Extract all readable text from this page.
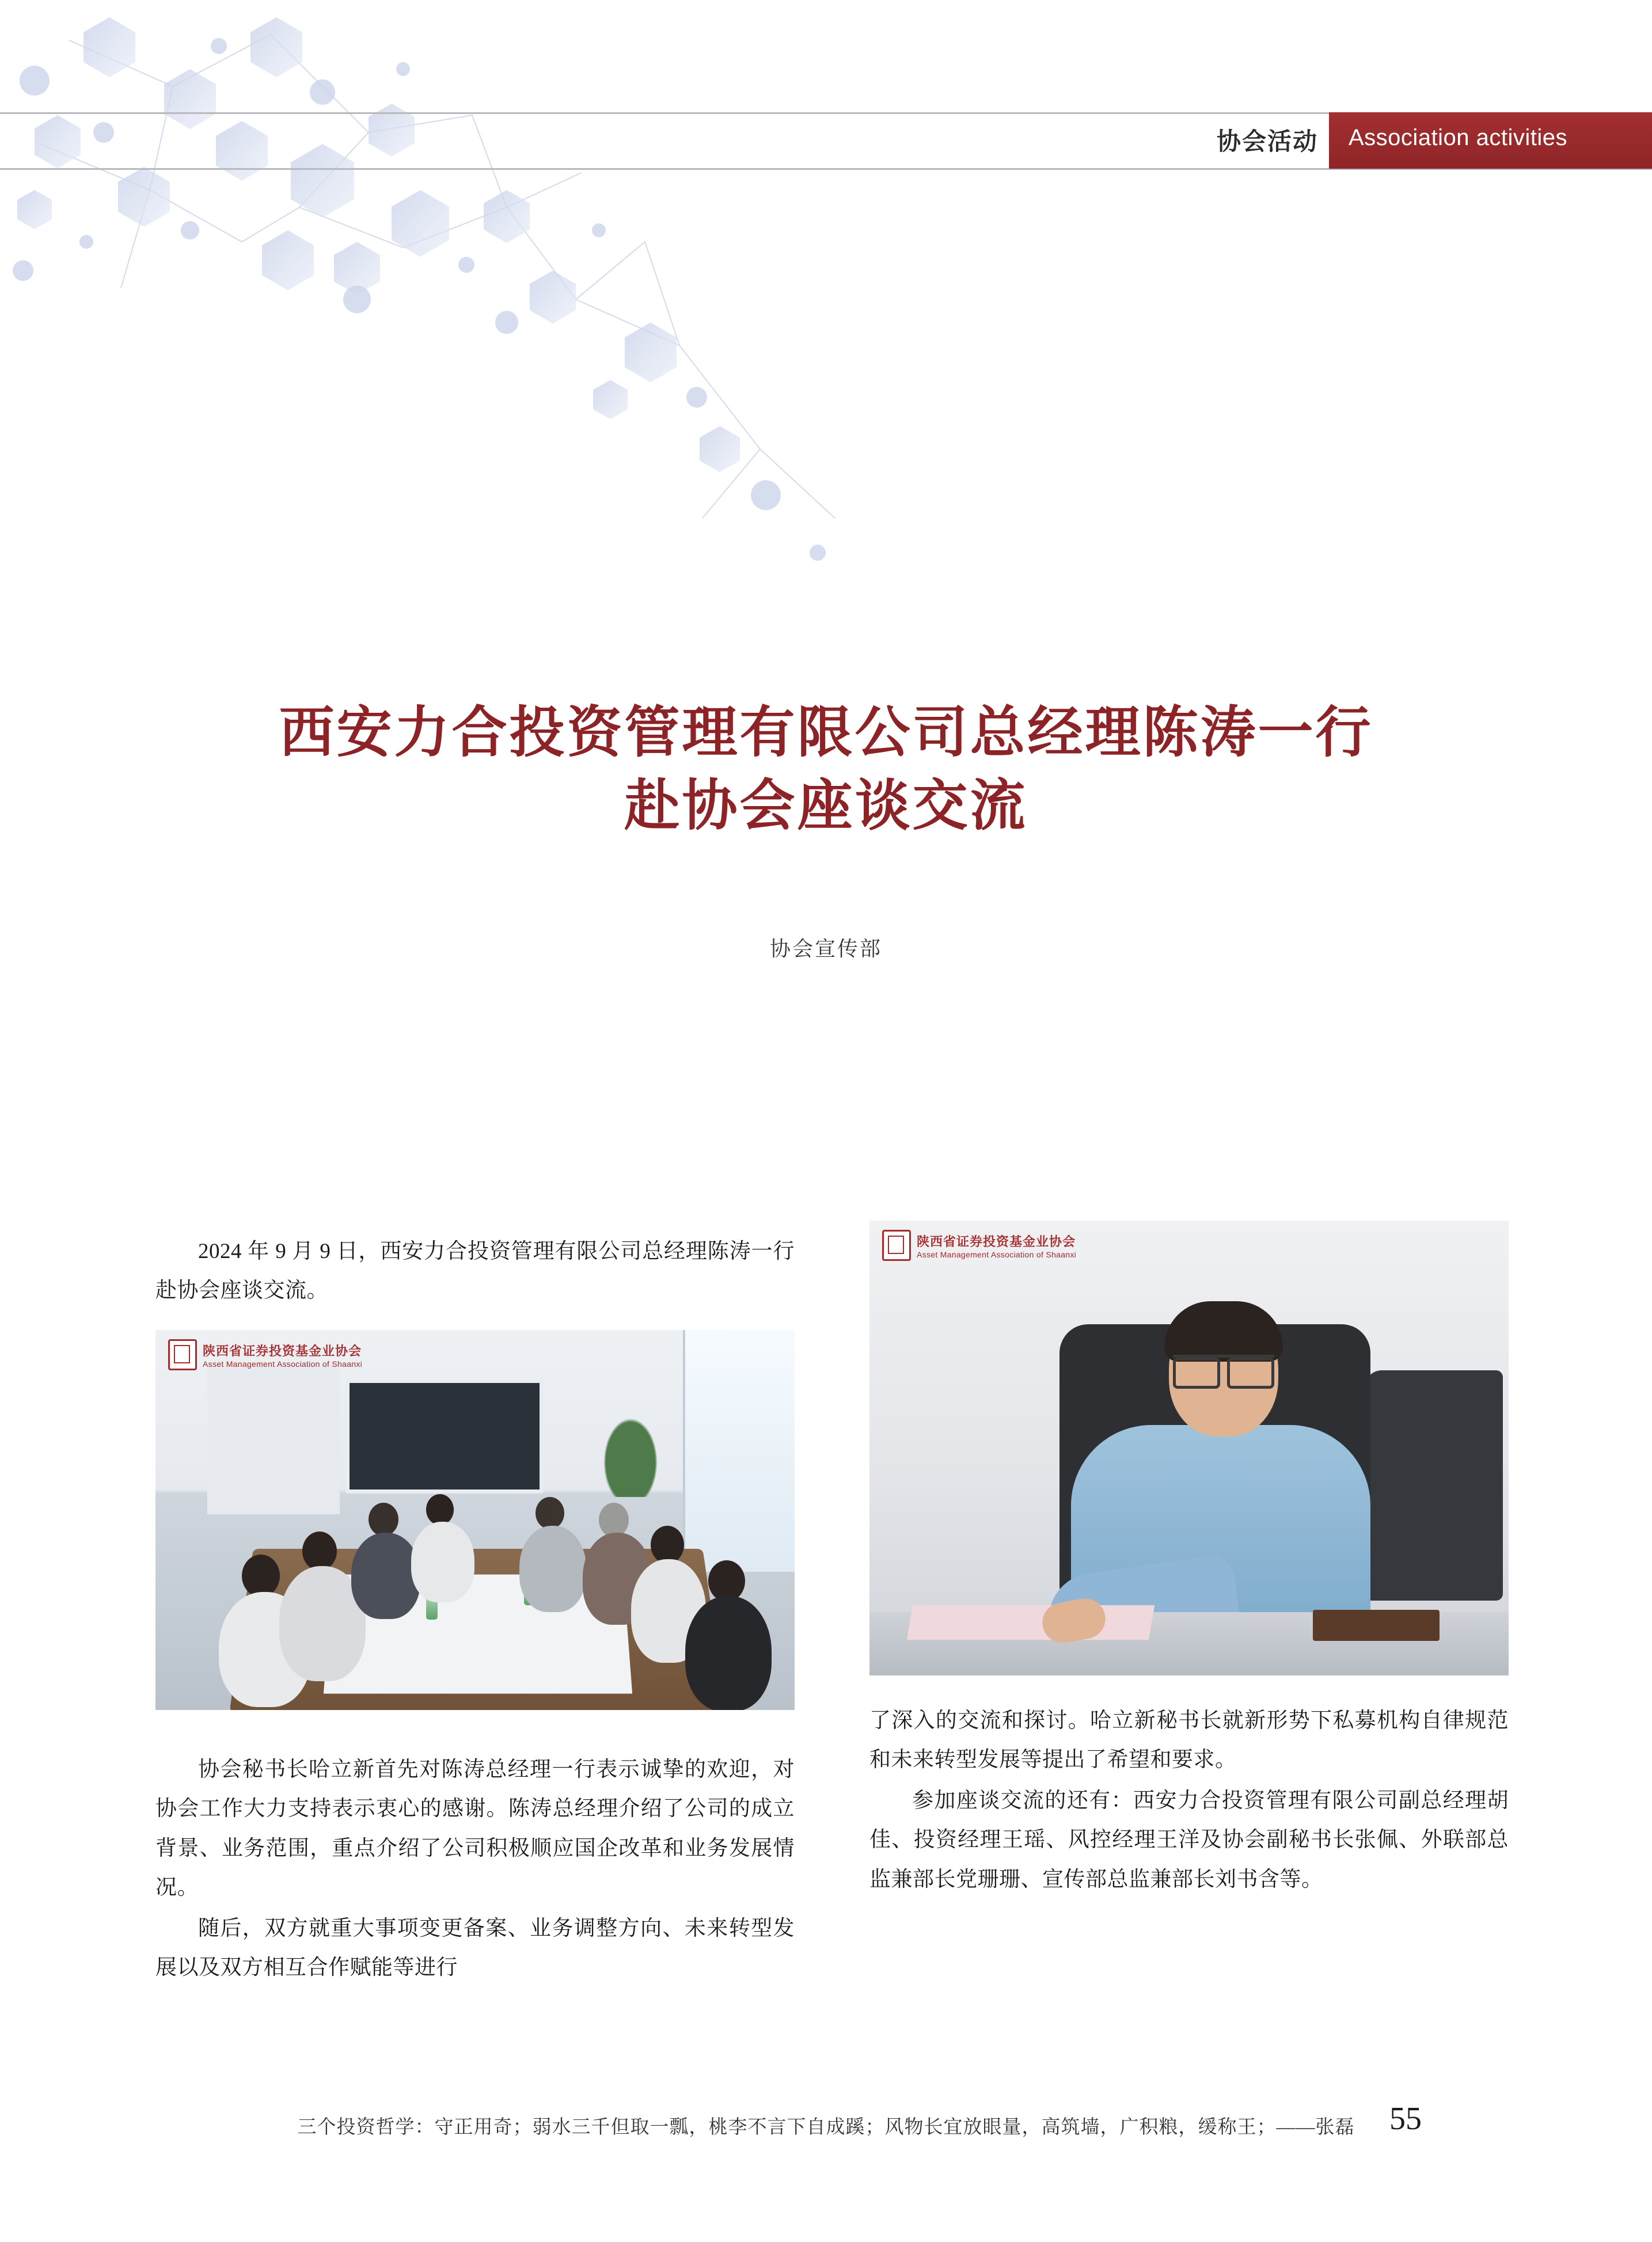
协会活动 Association activities
西安力合投资管理有限公司总经理陈涛一行
赴协会座谈交流
协会宣传部

2024 年 9 月 9 日，西安力合投资管理有限公司总经理陈涛一行赴协会座谈交流。

陕西省证券投资基金业协会
Asset Management Association of Shaanxi

协会秘书长哈立新首先对陈涛总经理一行表示诚挚的欢迎，对协会工作大力支持表示衷心的感谢。陈涛总经理介绍了公司的成立背景、业务范围，重点介绍了公司积极顺应国企改革和业务发展情况。

随后，双方就重大事项变更备案、业务调整方向、未来转型发展以及双方相互合作赋能等进行

陕西省证券投资基金业协会
Asset Management Association of Shaanxi

了深入的交流和探讨。哈立新秘书长就新形势下私募机构自律规范和未来转型发展等提出了希望和要求。

参加座谈交流的还有：西安力合投资管理有限公司副总经理胡佳、投资经理王瑶、风控经理王洋及协会副秘书长张佩、外联部总监兼部长党珊珊、宣传部总监兼部长刘书含等。

三个投资哲学：守正用奇；弱水三千但取一瓢，桃李不言下自成蹊；风物长宜放眼量，高筑墙，广积粮，缓称王；——张磊	55
